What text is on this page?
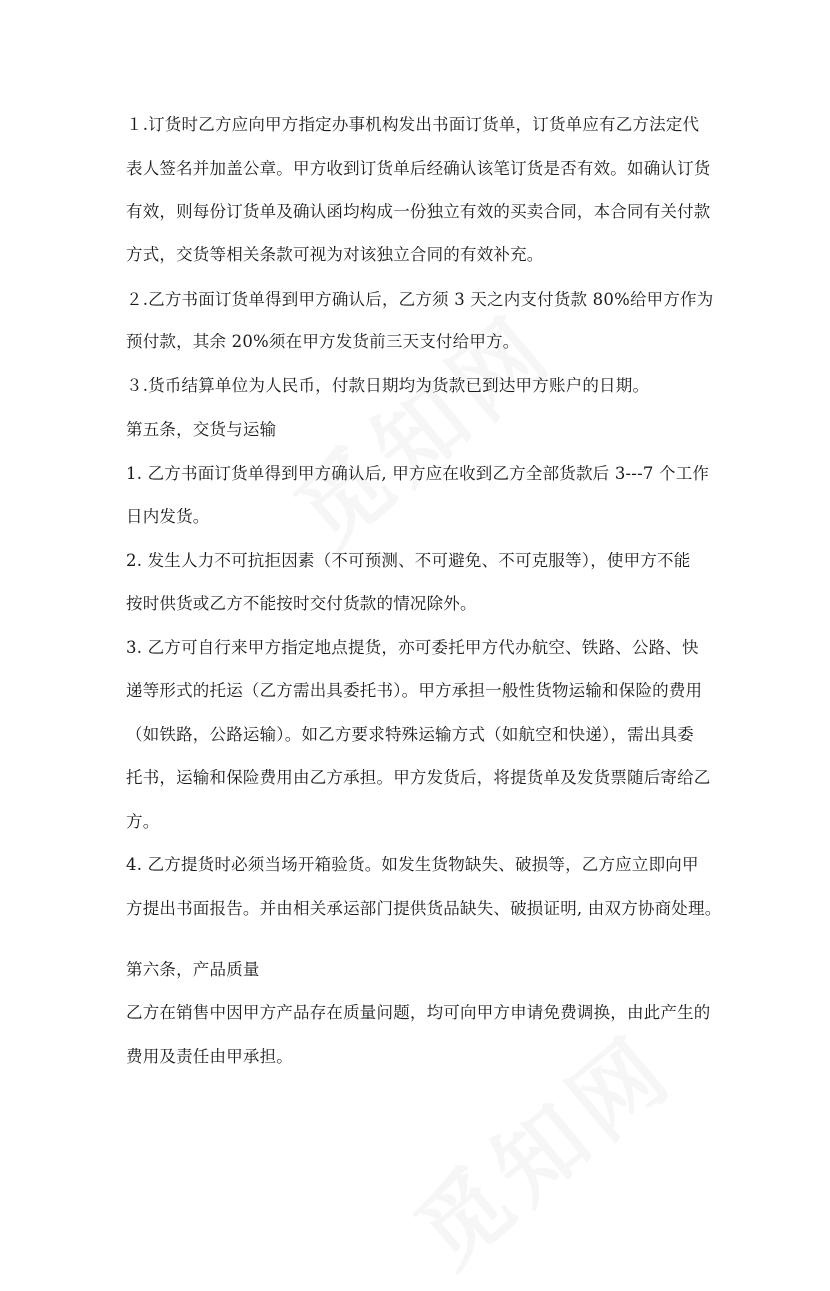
１.订货时乙方应向甲方指定办事机构发出书面订货单，订货单应有乙方法定代
表人签名并加盖公章。甲方收到订货单后经确认该笔订货是否有效。如确认订货
有效，则每份订货单及确认函均构成一份独立有效的买卖合同，本合同有关付款
方式，交货等相关条款可视为对该独立合同的有效补充。
２.乙方书面订货单得到甲方确认后，乙方须 3 天之内支付货款 80%给甲方作为
预付款，其余 20%须在甲方发货前三天支付给甲方。
３.货币结算单位为人民币，付款日期均为货款已到达甲方账户的日期。
第五条，交货与运输
1. 乙方书面订货单得到甲方确认后, 甲方应在收到乙方全部货款后 3---7 个工作
日内发货。
2. 发生人力不可抗拒因素（不可预测、不可避免、不可克服等），使甲方不能
按时供货或乙方不能按时交付货款的情况除外。
3. 乙方可自行来甲方指定地点提货，亦可委托甲方代办航空、铁路、公路、快
递等形式的托运（乙方需出具委托书）。甲方承担一般性货物运输和保险的费用
（如铁路，公路运输）。如乙方要求特殊运输方式（如航空和快递），需出具委
托书，运输和保险费用由乙方承担。甲方发货后，将提货单及发货票随后寄给乙
方。
4. 乙方提货时必须当场开箱验货。如发生货物缺失、破损等，乙方应立即向甲
方提出书面报告。并由相关承运部门提供货品缺失、破损证明, 由双方协商处理。
第六条，产品质量
乙方在销售中因甲方产品存在质量问题，均可向甲方申请免费调换，由此产生的
费用及责任由甲承担。
